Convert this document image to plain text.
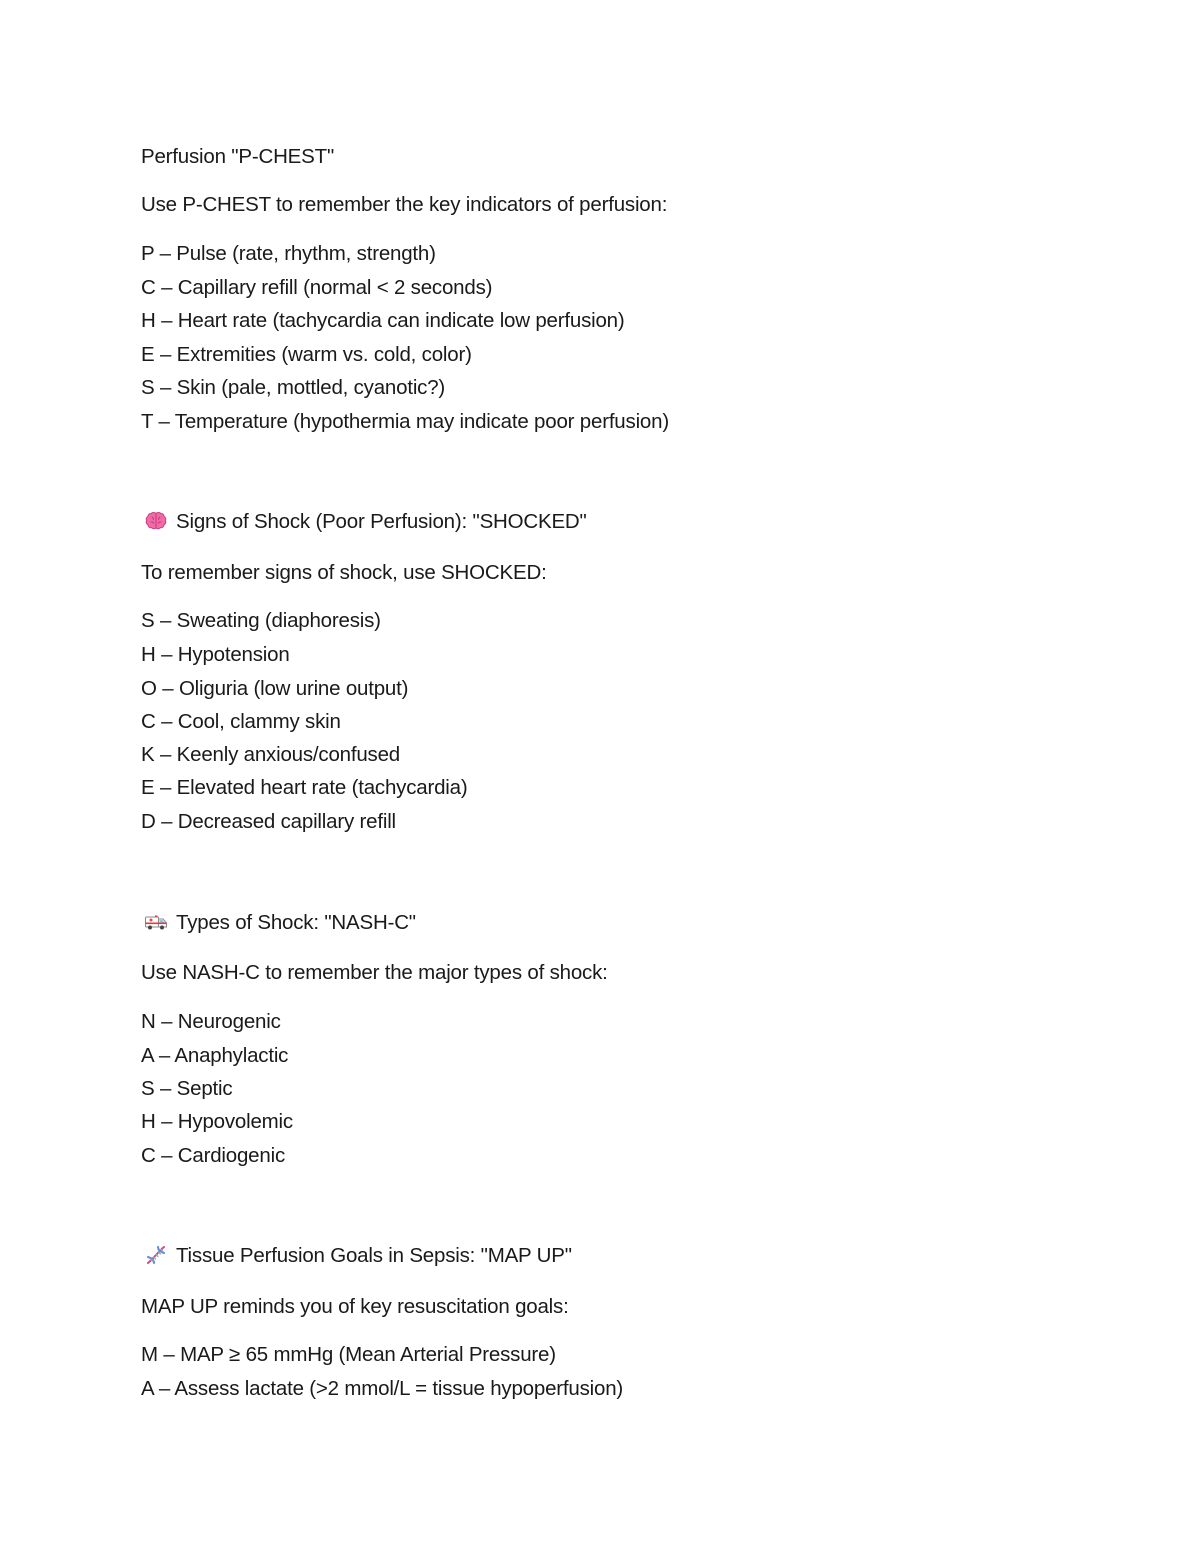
Perfusion "P-CHEST"
Use P-CHEST to remember the key indicators of perfusion:
P – Pulse (rate, rhythm, strength)
C – Capillary refill (normal < 2 seconds)
H – Heart rate (tachycardia can indicate low perfusion)
E – Extremities (warm vs. cold, color)
S – Skin (pale, mottled, cyanotic?)
T – Temperature (hypothermia may indicate poor perfusion)
Signs of Shock (Poor Perfusion): "SHOCKED"
To remember signs of shock, use SHOCKED:
S – Sweating (diaphoresis)
H – Hypotension
O – Oliguria (low urine output)
C – Cool, clammy skin
K – Keenly anxious/confused
E – Elevated heart rate (tachycardia)
D – Decreased capillary refill
Types of Shock: "NASH-C"
Use NASH-C to remember the major types of shock:
N – Neurogenic
A – Anaphylactic
S – Septic
H – Hypovolemic
C – Cardiogenic
Tissue Perfusion Goals in Sepsis: "MAP UP"
MAP UP reminds you of key resuscitation goals:
M – MAP ≥ 65 mmHg (Mean Arterial Pressure)
A – Assess lactate (>2 mmol/L = tissue hypoperfusion)
